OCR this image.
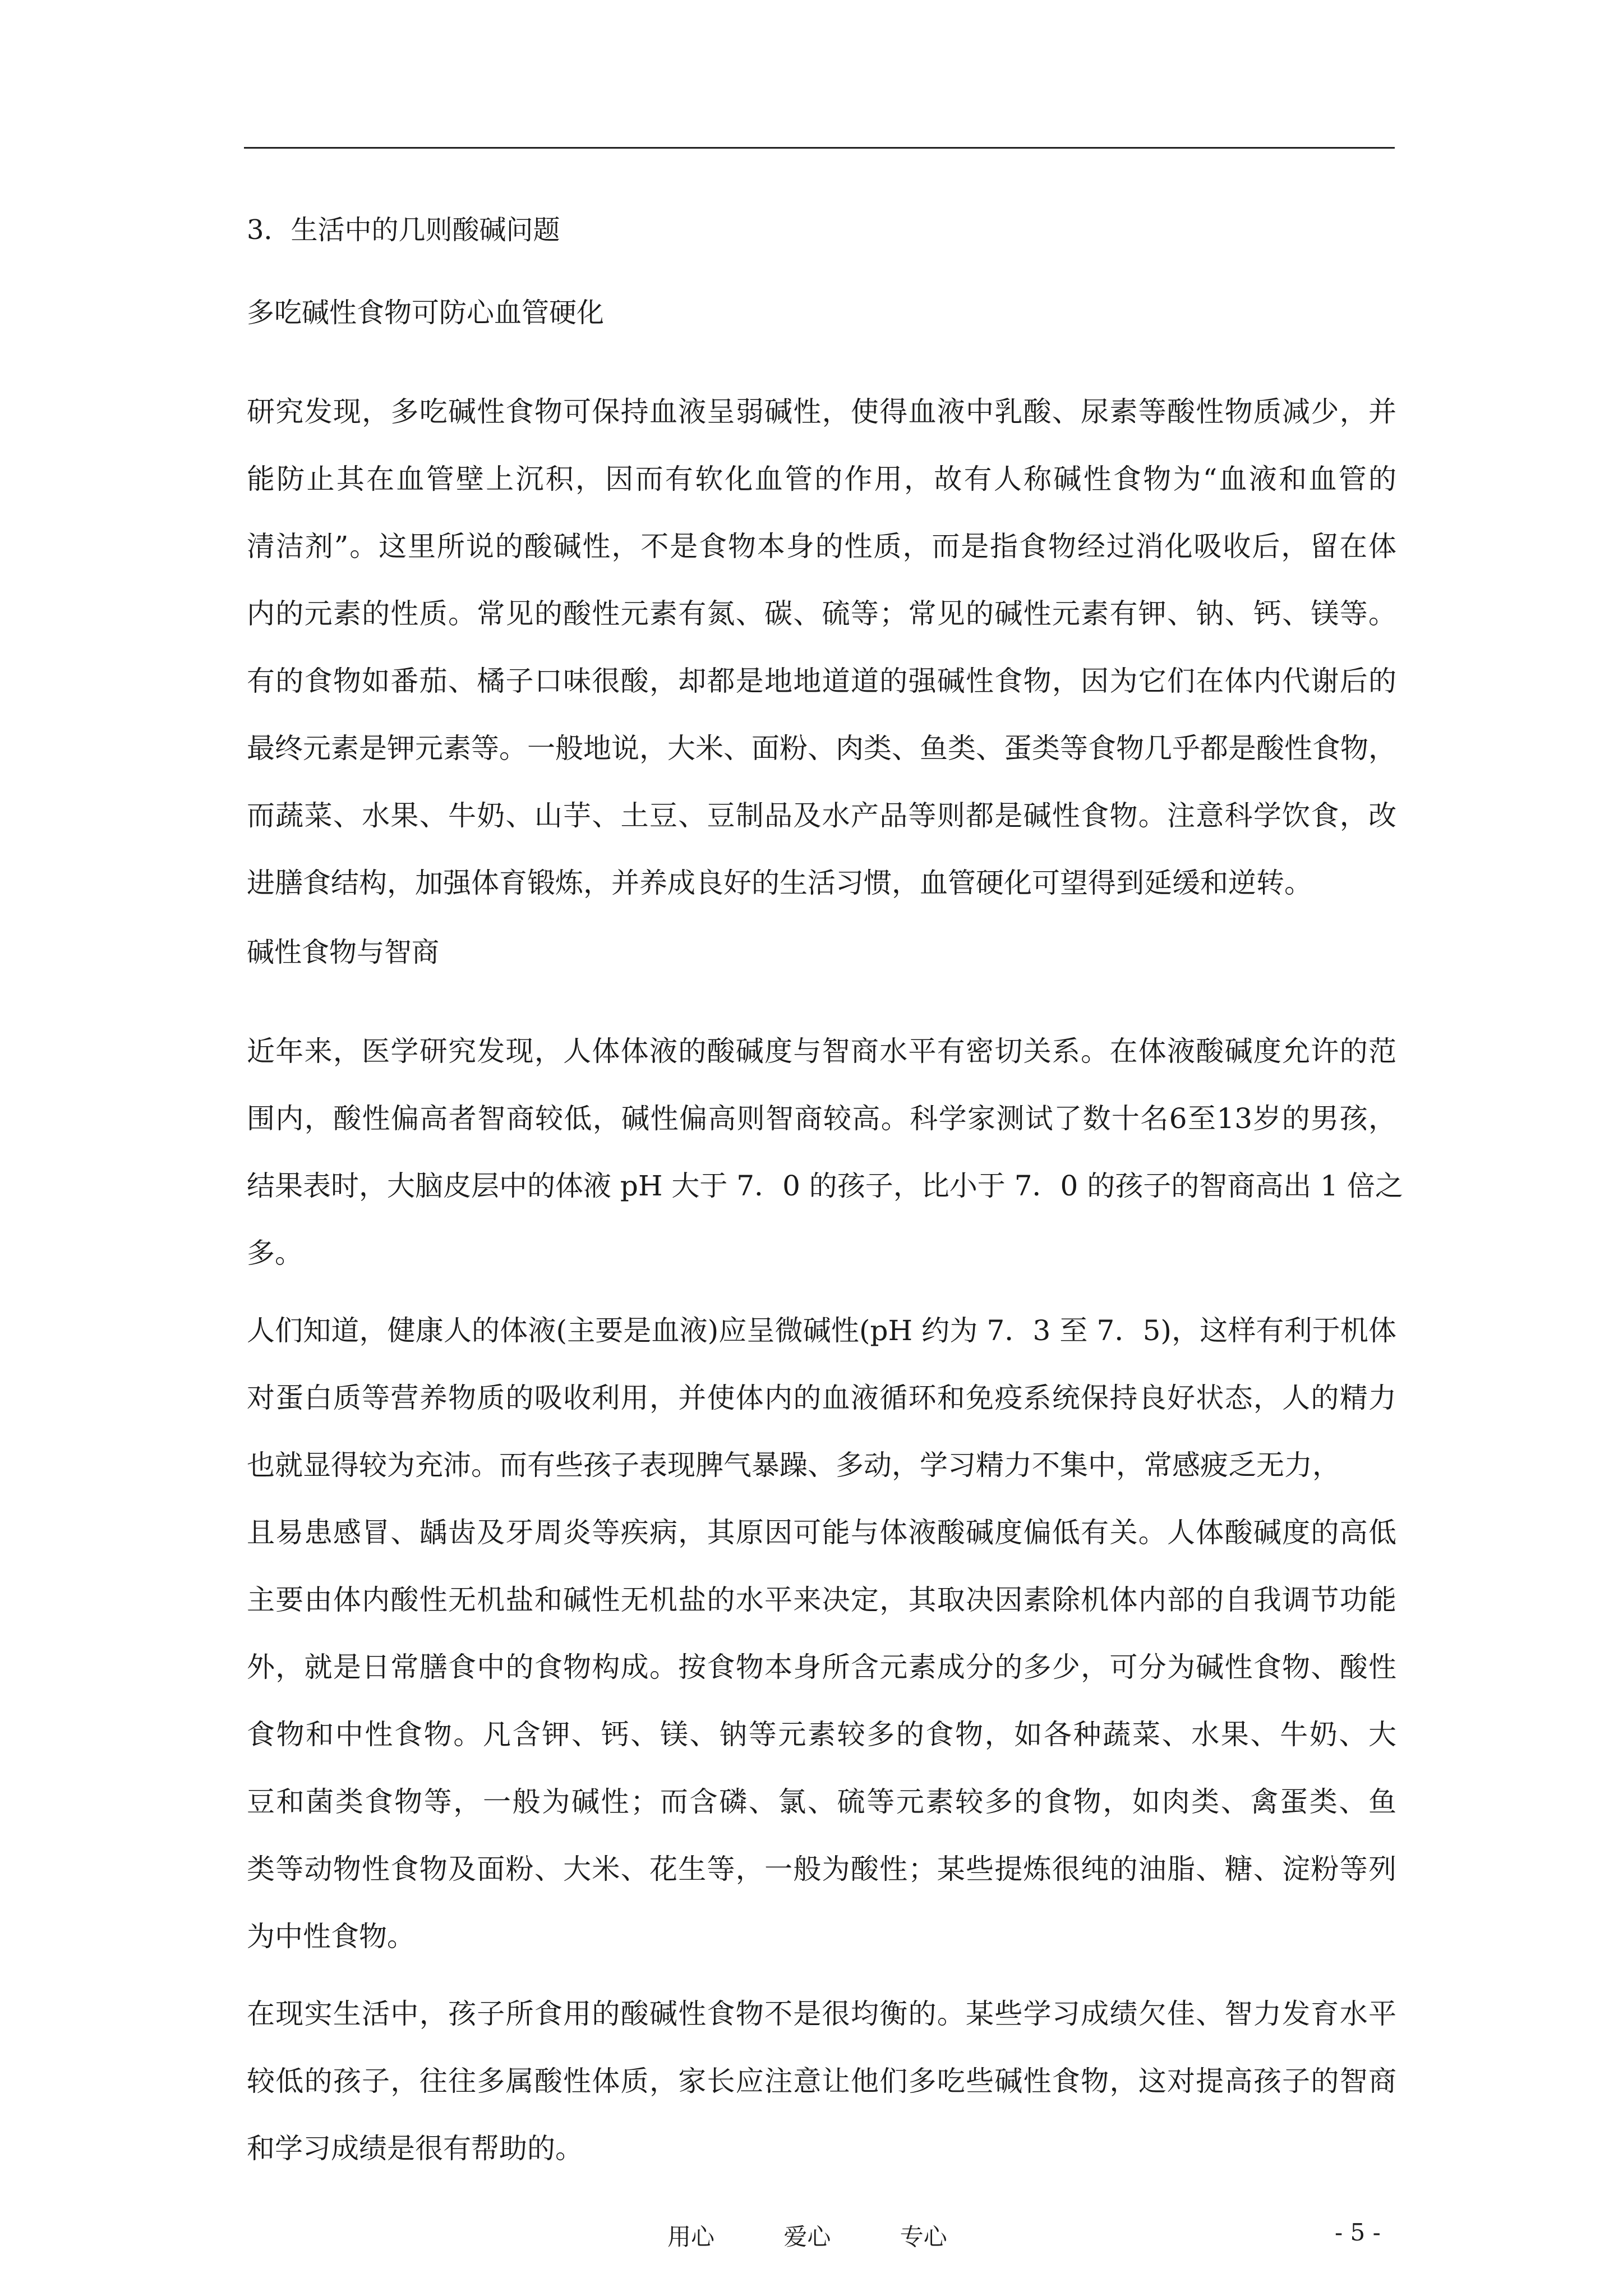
3．生活中的几则酸碱问题
多吃碱性食物可防心血管硬化
研究发现，多吃碱性食物可保持血液呈弱碱性，使得血液中乳酸、尿素等酸性物质减少，并
能防止其在血管壁上沉积，因而有软化血管的作用，故有人称碱性食物为“血液和血管的
清洁剂”。这里所说的酸碱性，不是食物本身的性质，而是指食物经过消化吸收后，留在体
内的元素的性质。常见的酸性元素有氮、碳、硫等；常见的碱性元素有钾、钠、钙、镁等。
有的食物如番茄、橘子口味很酸，却都是地地道道的强碱性食物，因为它们在体内代谢后的
最终元素是钾元素等。一般地说，大米、面粉、肉类、鱼类、蛋类等食物几乎都是酸性食物，
而蔬菜、水果、牛奶、山芋、土豆、豆制品及水产品等则都是碱性食物。注意科学饮食，改
进膳食结构，加强体育锻炼，并养成良好的生活习惯，血管硬化可望得到延缓和逆转。
碱性食物与智商
近年来，医学研究发现，人体体液的酸碱度与智商水平有密切关系。在体液酸碱度允许的范
围内，酸性偏高者智商较低，碱性偏高则智商较高。科学家测试了数十名6至13岁的男孩，
结果表时，大脑皮层中的体液 pH 大于 7．0 的孩子，比小于 7．0 的孩子的智商高出 1 倍之
多。
人们知道，健康人的体液(主要是血液)应呈微碱性(pH 约为 7．3 至 7．5)，这样有利于机体
对蛋白质等营养物质的吸收利用，并使体内的血液循环和免疫系统保持良好状态，人的精力
也就显得较为充沛。而有些孩子表现脾气暴躁、多动，学习精力不集中，常感疲乏无力，
且易患感冒、龋齿及牙周炎等疾病，其原因可能与体液酸碱度偏低有关。人体酸碱度的高低
主要由体内酸性无机盐和碱性无机盐的水平来决定，其取决因素除机体内部的自我调节功能
外，就是日常膳食中的食物构成。按食物本身所含元素成分的多少，可分为碱性食物、酸性
食物和中性食物。凡含钾、钙、镁、钠等元素较多的食物，如各种蔬菜、水果、牛奶、大
豆和菌类食物等，一般为碱性；而含磷、氯、硫等元素较多的食物，如肉类、禽蛋类、鱼
类等动物性食物及面粉、大米、花生等，一般为酸性；某些提炼很纯的油脂、糖、淀粉等列
为中性食物。
在现实生活中，孩子所食用的酸碱性食物不是很均衡的。某些学习成绩欠佳、智力发育水平
较低的孩子，往往多属酸性体质，家长应注意让他们多吃些碱性食物，这对提高孩子的智商
和学习成绩是很有帮助的。
用心	爱心	专心	- 5 -
